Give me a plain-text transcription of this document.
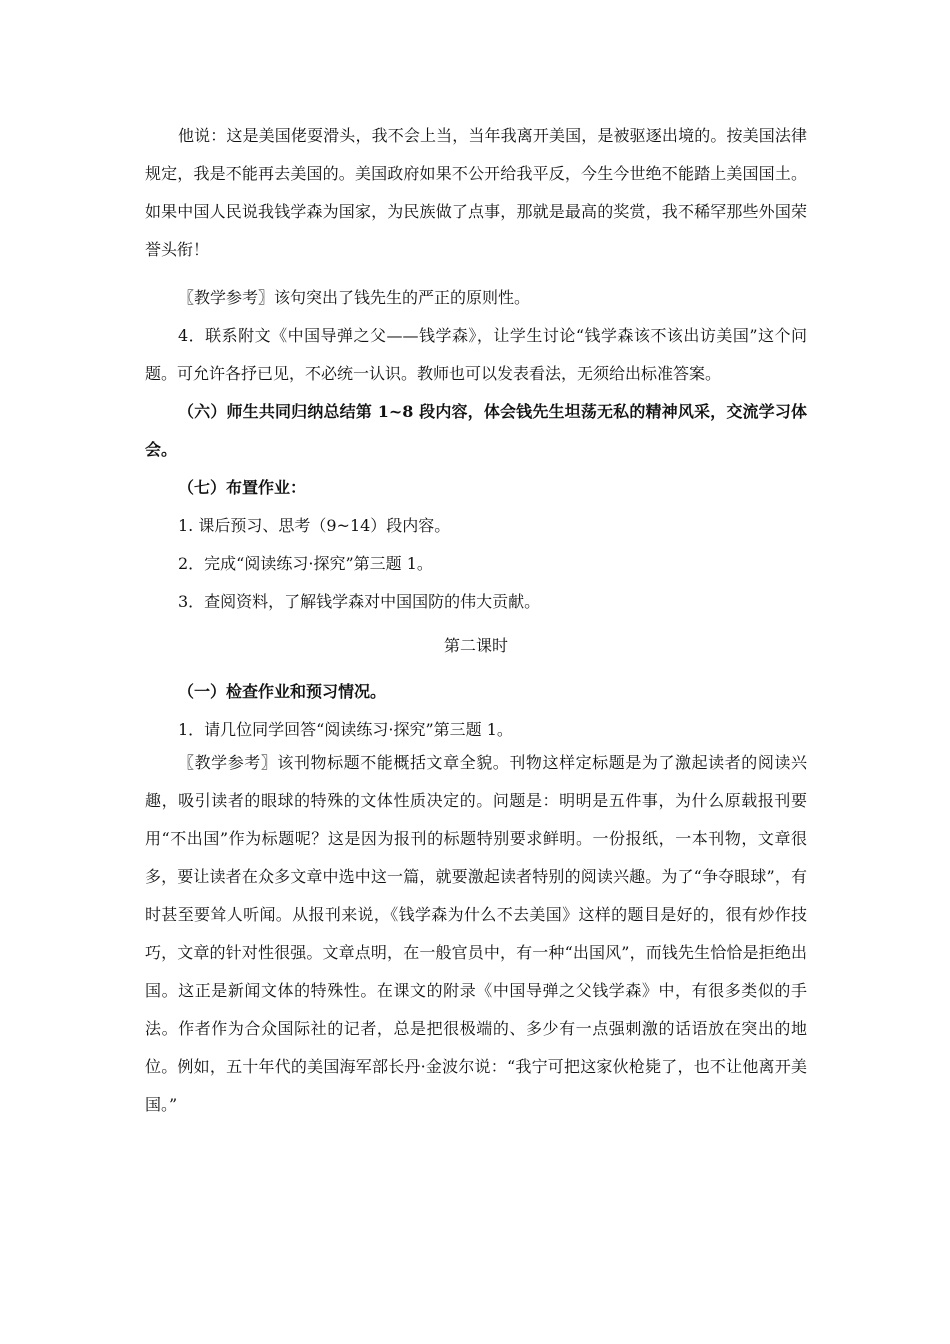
他说：这是美国佬耍滑头，我不会上当，当年我离开美国，是被驱逐出境的。按美国法律规定，我是不能再去美国的。美国政府如果不公开给我平反，今生今世绝不能踏上美国国土。如果中国人民说我钱学森为国家，为民族做了点事，那就是最高的奖赏，我不稀罕那些外国荣誉头衔！

〖教学参考〗该句突出了钱先生的严正的原则性。

4．联系附文《中国导弹之父——钱学森》，让学生讨论“钱学森该不该出访美国”这个问题。可允许各抒已见，不必统一认识。教师也可以发表看法，无须给出标准答案。

（六）师生共同归纳总结第 1~8 段内容，体会钱先生坦荡无私的精神风采，交流学习体会。

（七）布置作业：

1. 课后预习、思考（9~14）段内容。

2．完成“阅读练习·探究”第三题 1。

3．查阅资料，了解钱学森对中国国防的伟大贡献。

第二课时

（一）检查作业和预习情况。

1．请几位同学回答“阅读练习·探究”第三题 1。

〖教学参考〗该刊物标题不能概括文章全貌。刊物这样定标题是为了激起读者的阅读兴趣，吸引读者的眼球的特殊的文体性质决定的。问题是：明明是五件事，为什么原载报刊要用“不出国”作为标题呢？这是因为报刊的标题特别要求鲜明。一份报纸，一本刊物，文章很多，要让读者在众多文章中选中这一篇，就要激起读者特别的阅读兴趣。为了“争夺眼球”，有时甚至要耸人听闻。从报刊来说，《钱学森为什么不去美国》这样的题目是好的，很有炒作技巧，文章的针对性很强。文章点明，在一般官员中，有一种“出国风”，而钱先生恰恰是拒绝出国。这正是新闻文体的特殊性。在课文的附录《中国导弹之父钱学森》中，有很多类似的手法。作者作为合众国际社的记者，总是把很极端的、多少有一点强刺激的话语放在突出的地位。例如，五十年代的美国海军部长丹·金波尔说：“我宁可把这家伙枪毙了，也不让他离开美国。”
